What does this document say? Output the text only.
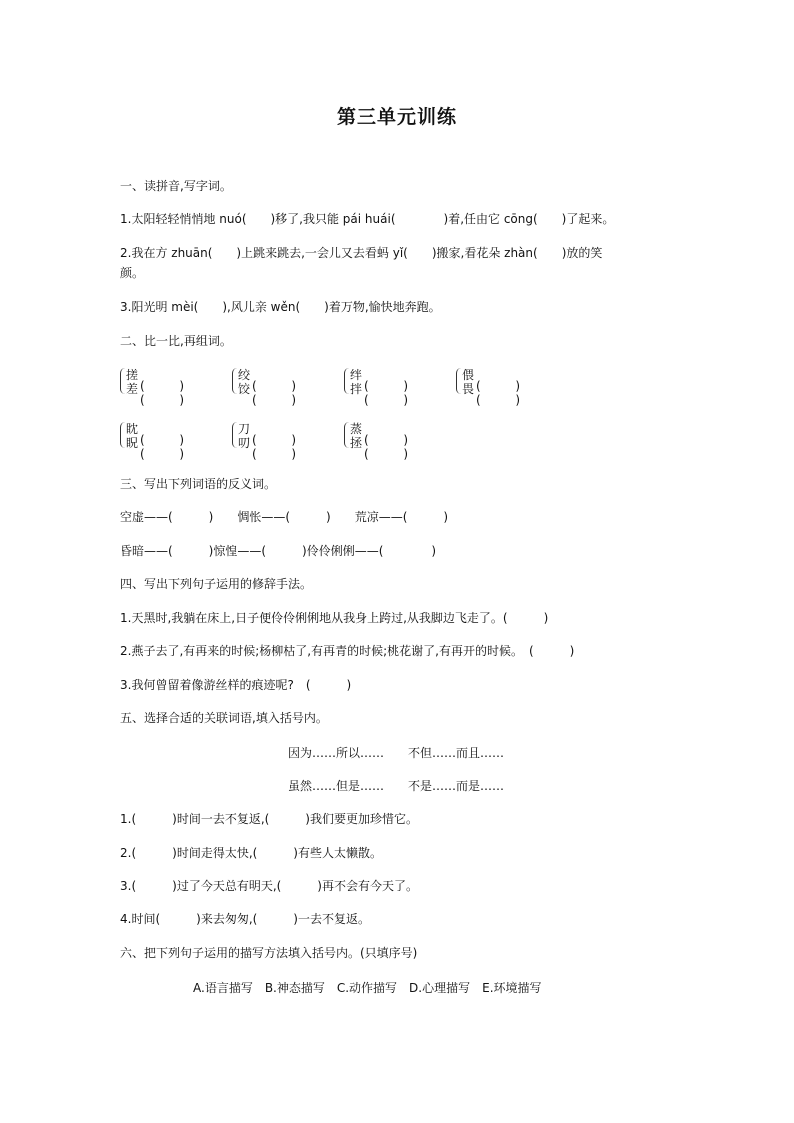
第三单元训练
一、读拼音,写字词。
1.太阳轻轻悄悄地 nuó(　　)移了,我只能 pái huái(　　　　)着,任由它 cōng(　　)了起来。
2.我在方 zhuān(　　)上跳来跳去,一会儿又去看蚂 yǐ(　　)搬家,看花朵 zhàn(　　)放的笑
颜。
3.阳光明 mèi(　　),风儿亲 wěn(　　)着万物,愉快地奔跑。
二、比一比,再组词。
搓
差
绞
饺
绊
拌
偎
畏
眈
眖
刀
叨
蒸
拯
三、写出下列词语的反义词。
空虚——(　　　)　　惆怅——(　　　)　　荒凉——(　　　)
昏暗——(　　　)惊惶——(　　　)伶伶俐俐——(　　　　)
四、写出下列句子运用的修辞手法。
1.天黑时,我躺在床上,日子便伶伶俐俐地从我身上跨过,从我脚边飞走了。(　　　)
2.燕子去了,有再来的时候;杨柳枯了,有再青的时候;桃花谢了,有再开的时候。　(　　　)
3.我何曾留着像游丝样的痕迹呢?　(　　　)
五、选择合适的关联词语,填入括号内。
因为……所以……　　不但……而且……
虽然……但是……　　不是……而是……
1.(　　　)时间一去不复返,(　　　)我们要更加珍惜它。
2.(　　　)时间走得太快,(　　　)有些人太懒散。
3.(　　　)过了今天总有明天,(　　　)再不会有今天了。
4.时间(　　　)来去匆匆,(　　　)一去不复返。
六、把下列句子运用的描写方法填入括号内。(只填序号)
A.语言描写　B.神态描写　C.动作描写　D.心理描写　E.环境描写
